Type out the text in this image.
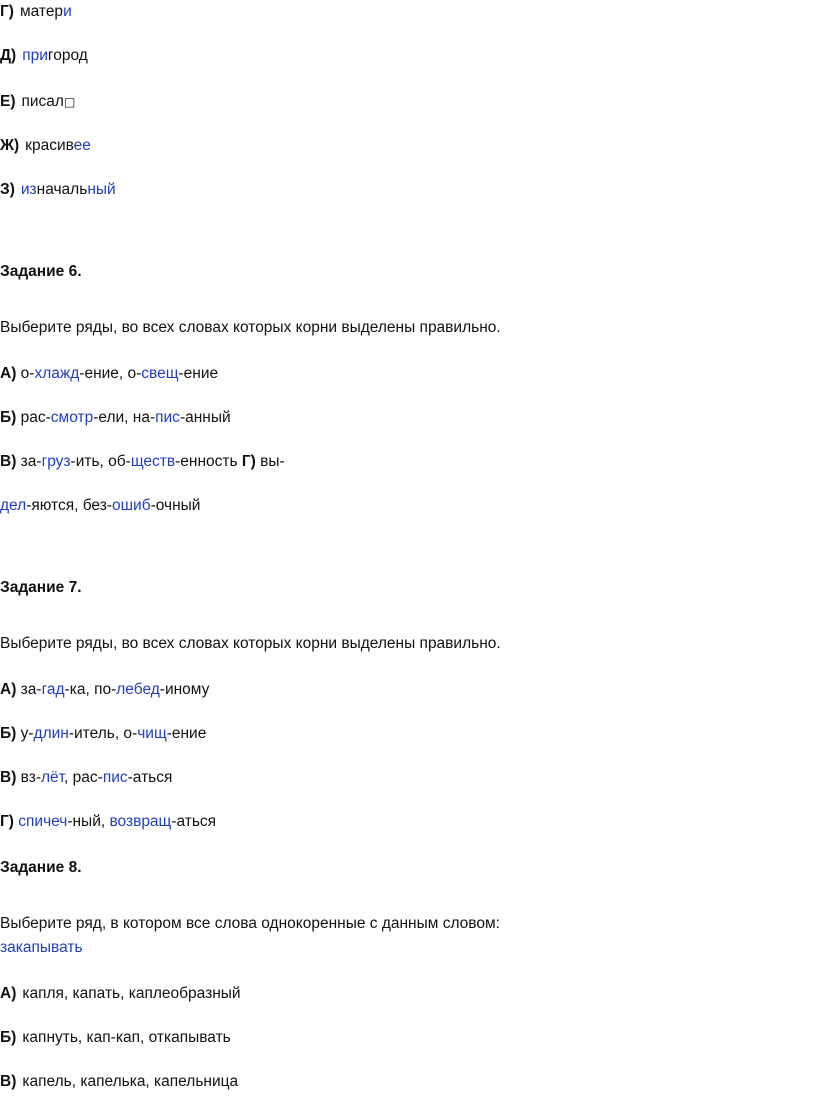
Г) матери
Д) пригород
Е) писал□
Ж) красивее
З) изначальный
Задание 6.
Выберите ряды, во всех словах которых корни выделены правильно.
А) о-хлажд-ение, о-свещ-ение
Б) рас-смотр-ели, на-пис-анный
В) за-груз-ить, об-ществ-енность Г) вы-
дел-яются, без-ошиб-очный
Задание 7.
Выберите ряды, во всех словах которых корни выделены правильно.
А) за-гад-ка, по-лебед-иному
Б) у-длин-итель, о-чищ-ение
В) вз-лёт, рас-пис-аться
Г) спичеч-ный, возвращ-аться
Задание 8.
Выберите ряд, в котором все слова однокоренные с данным словом:
закапывать
А) капля, капать, каплеобразный
Б) капнуть, кап-кап, откапывать
В) капель, капелька, капельница
